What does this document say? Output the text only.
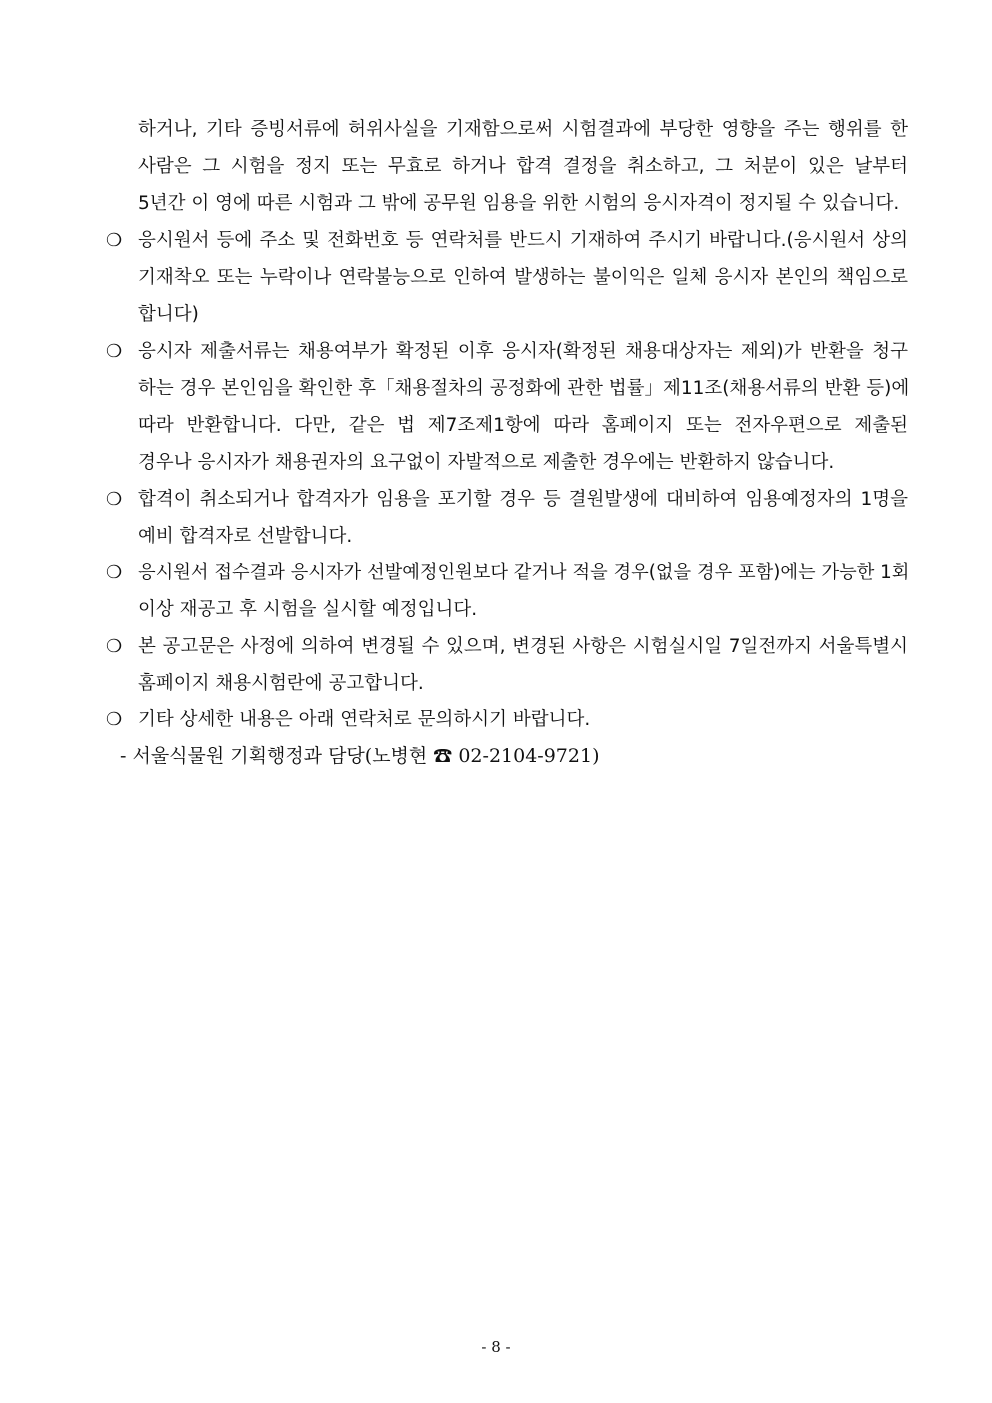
하거나, 기타 증빙서류에 허위사실을 기재함으로써 시험결과에 부당한 영향을 주는 행위를 한
사람은 그 시험을 정지 또는 무효로 하거나 합격 결정을 취소하고, 그 처분이 있은 날부터
5년간 이 영에 따른 시험과 그 밖에 공무원 임용을 위한 시험의 응시자격이 정지될 수 있습니다.
❍ 응시원서 등에 주소 및 전화번호 등 연락처를 반드시 기재하여 주시기 바랍니다.(응시원서 상의
기재착오 또는 누락이나 연락불능으로 인하여 발생하는 불이익은 일체 응시자 본인의 책임으로
합니다)
❍ 응시자 제출서류는 채용여부가 확정된 이후 응시자(확정된 채용대상자는 제외)가 반환을 청구
하는 경우 본인임을 확인한 후「채용절차의 공정화에 관한 법률」제11조(채용서류의 반환 등)에
따라 반환합니다. 다만, 같은 법 제7조제1항에 따라 홈페이지 또는 전자우편으로 제출된
경우나 응시자가 채용권자의 요구없이 자발적으로 제출한 경우에는 반환하지 않습니다.
❍ 합격이 취소되거나 합격자가 임용을 포기할 경우 등 결원발생에 대비하여 임용예정자의 1명을
예비 합격자로 선발합니다.
❍ 응시원서 접수결과 응시자가 선발예정인원보다 같거나 적을 경우(없을 경우 포함)에는 가능한 1회
이상 재공고 후 시험을 실시할 예정입니다.
❍ 본 공고문은 사정에 의하여 변경될 수 있으며, 변경된 사항은 시험실시일 7일전까지 서울특별시
홈페이지 채용시험란에 공고합니다.
❍ 기타 상세한 내용은 아래 연락처로 문의하시기 바랍니다.
- 서울식물원 기획행정과 담당(노병현 ☎ 02-2104-9721)
- 8 -
